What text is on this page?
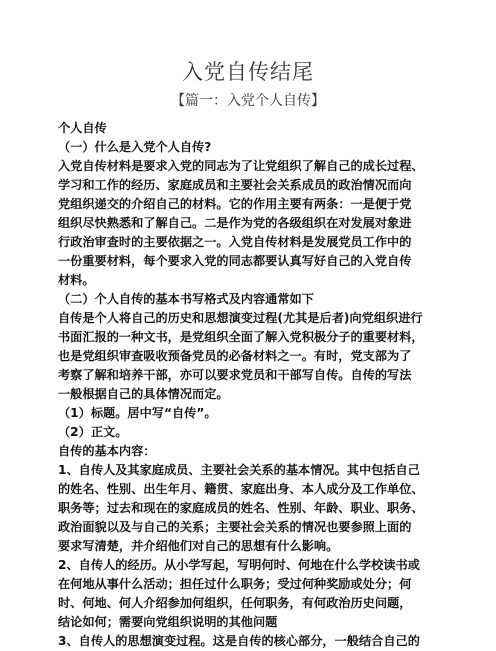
入党自传结尾
【篇一：入党个人自传】
个人自传
（一）什么是入党个人自传?
入党自传材料是要求入党的同志为了让党组织了解自己的成长过程、
学习和工作的经历、家庭成员和主要社会关系成员的政治情况而向
党组织递交的介绍自己的材料。它的作用主要有两条：一是便于党
组织尽快熟悉和了解自己。二是作为党的各级组织在对发展对象进
行政治审查时的主要依据之一。入党自传材料是发展党员工作中的
一份重要材料，每个要求入党的同志都要认真写好自己的入党自传
材料。
（二）个人自传的基本书写格式及内容通常如下
自传是个人将自己的历史和思想演变过程(尤其是后者)向党组织进行
书面汇报的一种文书，是党组织全面了解入党积极分子的重要材料，
也是党组织审查吸收预备党员的必备材料之一。有时，党支部为了
考察了解和培养干部，亦可以要求党员和干部写自传。自传的写法
一般根据自己的具体情况而定。
（1）标题。居中写“自传”。
（2）正文。
自传的基本内容：
1、自传人及其家庭成员、主要社会关系的基本情况。其中包括自己
的姓名、性别、出生年月、籍贯、家庭出身、本人成分及工作单位、
职务等；过去和现在的家庭成员的姓名、性别、年龄、职业、职务、
政治面貌以及与自己的关系；主要社会关系的情况也要参照上面的
要求写清楚，并介绍他们对自己的思想有什么影响。
2、自传人的经历。从小学写起，写明何时、何地在什么学校读书或
在何地从事什么活动；担任过什么职务；受过何种奖励或处分；何
时、何地、何人介绍参加何组织，任何职务，有何政治历史问题，
结论如何；需要向党组织说明的其他问题
3、自传人的思想演变过程。这是自传的核心部分，一般结合自己的
